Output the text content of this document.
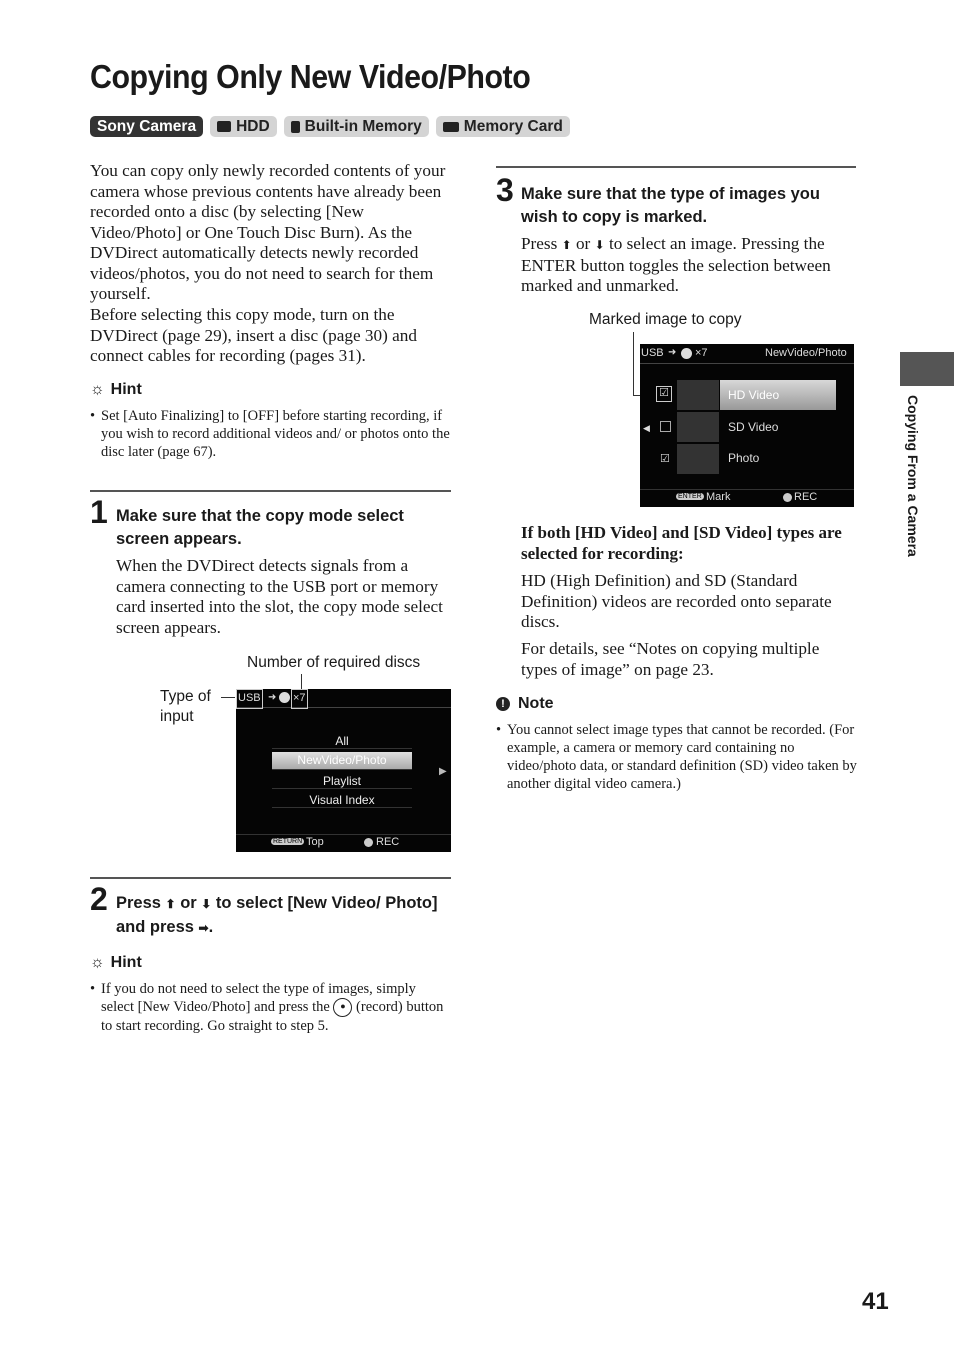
Copying Only New Video/Photo
Sony Camera	HDD Built-in Memory	Memory Card
You can copy only newly recorded contents of your camera whose previous contents have already been recorded onto a disc (by selecting [New Video/Photo] or One Touch Disc Burn). As the DVDirect automatically detects newly recorded videos/photos, you do not need to search for them yourself.
Before selecting this copy mode, turn on the DVDirect (page 29), insert a disc (page 30) and connect cables for recording (pages 31).
☼ Hint
• Set [Auto Finalizing] to [OFF] before starting recording, if you wish to record additional videos and/ or photos onto the disc later (page 67).
1 Make sure that the copy mode select screen appears.
When the DVDirect detects signals from a camera connecting to the USB port or memory card inserted into the slot, the copy mode select screen appears.
Number of required discs
Type of input
USB ➜ ×7
All
NewVideo/Photo
Playlist
Visual Index
▶
RETURN Top	REC
2 Press ⬆ or ⬇ to select [New Video/ Photo] and press ➡.
☼ Hint
• If you do not need to select the type of images, simply select [New Video/Photo] and press the ● (record) button to start recording. Go straight to step 5.
3 Make sure that the type of images you wish to copy is marked.
Press ⬆ or ⬇ to select an image. Pressing the ENTER button toggles the selection between marked and unmarked.
Marked image to copy
USB ➜ ×7	NewVideo/Photo
☑	HD Video
◀	SD Video
☑	Photo
ENTER Mark	REC
If both [HD Video] and [SD Video] types are selected for recording:
HD (High Definition) and SD (Standard Definition) videos are recorded onto separate discs.
For details, see “Notes on copying multiple types of image” on page 23.
! Note
• You cannot select image types that cannot be recorded. (For example, a camera or memory card containing no video/photo data, or standard definition (SD) video taken by another digital video camera.)
Copying From a Camera
41
